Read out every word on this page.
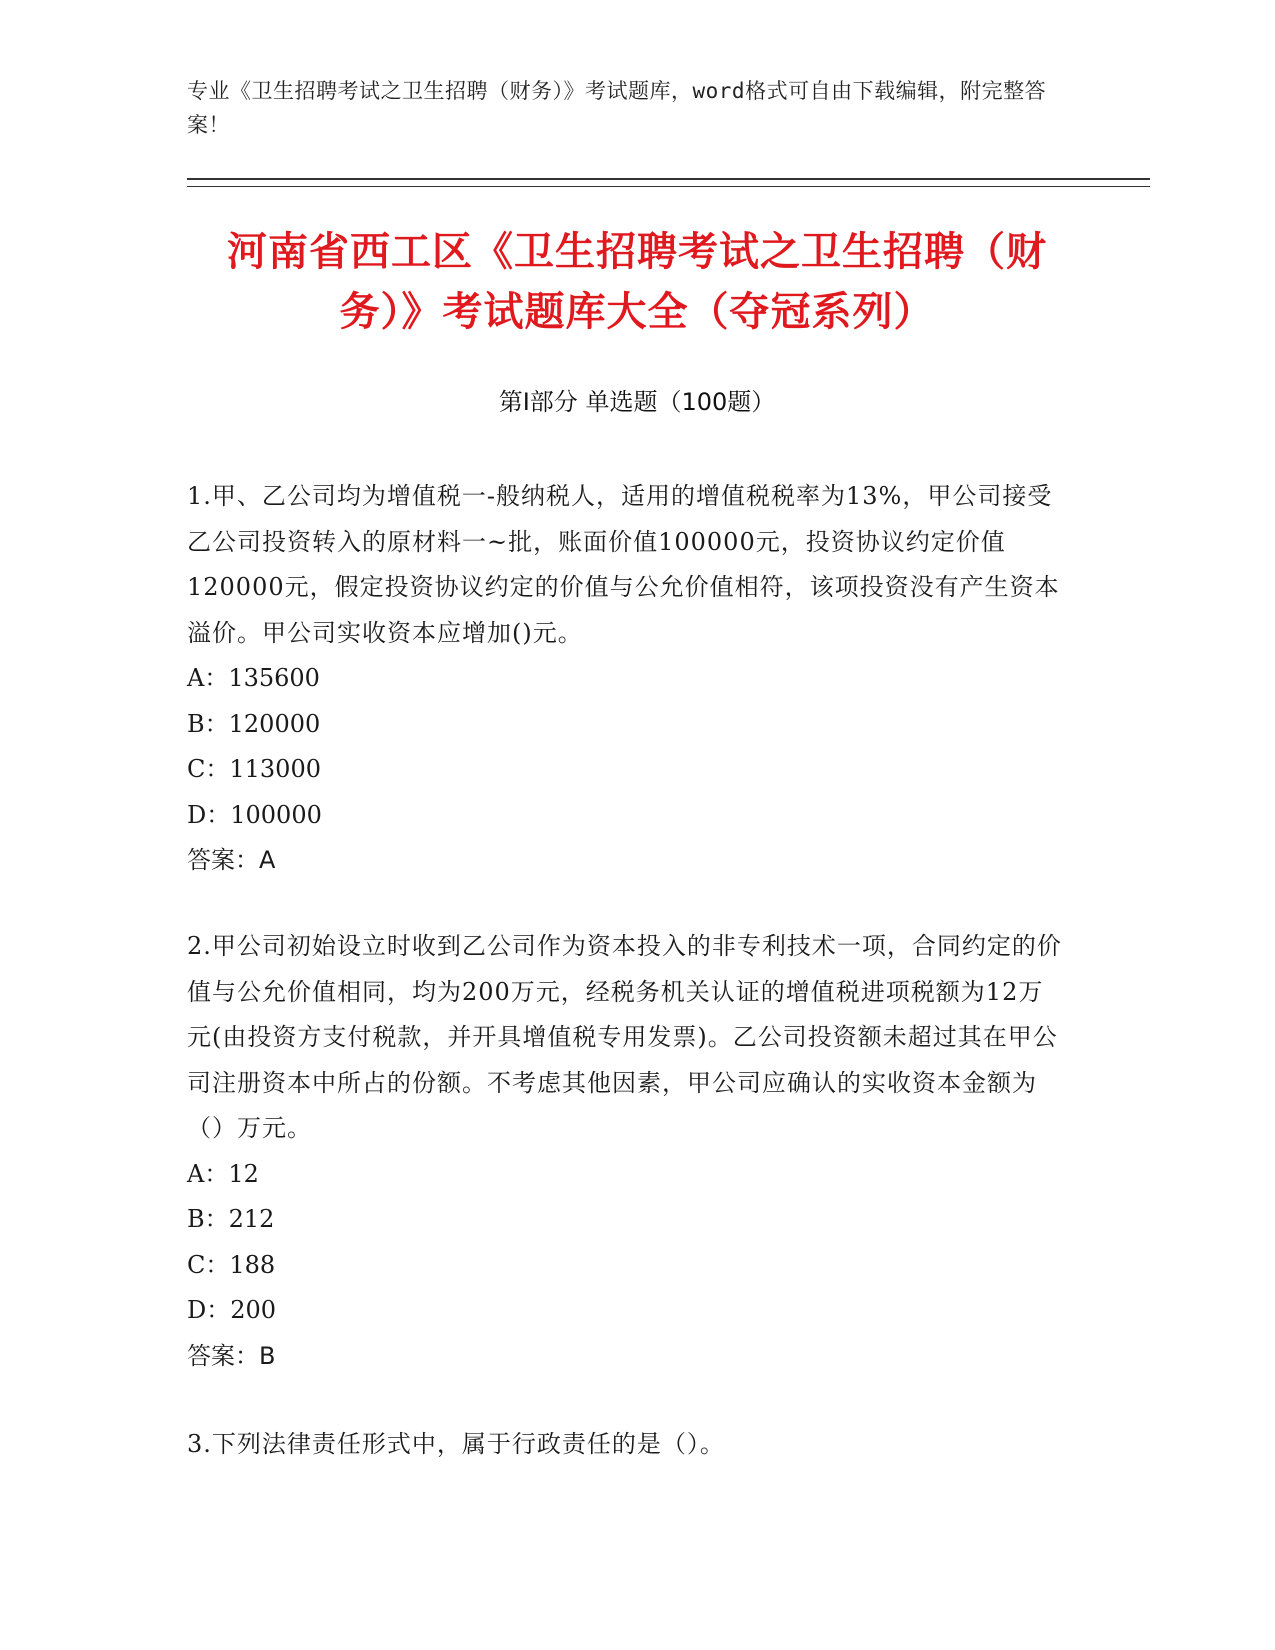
专业《卫生招聘考试之卫生招聘（财务）》考试题库，word格式可自由下载编辑，附完整答案！
河南省西工区《卫生招聘考试之卫生招聘（财务）》考试题库大全（夺冠系列）
第Ⅰ部分 单选题（100题）

1.甲、乙公司均为增值税一-般纳税人，适用的增值税税率为13%，甲公司接受乙公司投资转入的原材料一~批，账面价值100000元，投资协议约定价值120000元，假定投资协议约定的价值与公允价值相符，该项投资没有产生资本溢价。甲公司实收资本应增加()元。

A：135600

B：120000

C：113000

D：100000

答案：A

2.甲公司初始设立时收到乙公司作为资本投入的非专利技术一项，合同约定的价值与公允价值相同，均为200万元，经税务机关认证的增值税进项税额为12万元(由投资方支付税款，并开具增值税专用发票)。乙公司投资额未超过其在甲公司注册资本中所占的份额。不考虑其他因素，甲公司应确认的实收资本金额为（）万元。

A：12

B：212

C：188

D：200

答案：B

3.下列法律责任形式中，属于行政责任的是（）。
